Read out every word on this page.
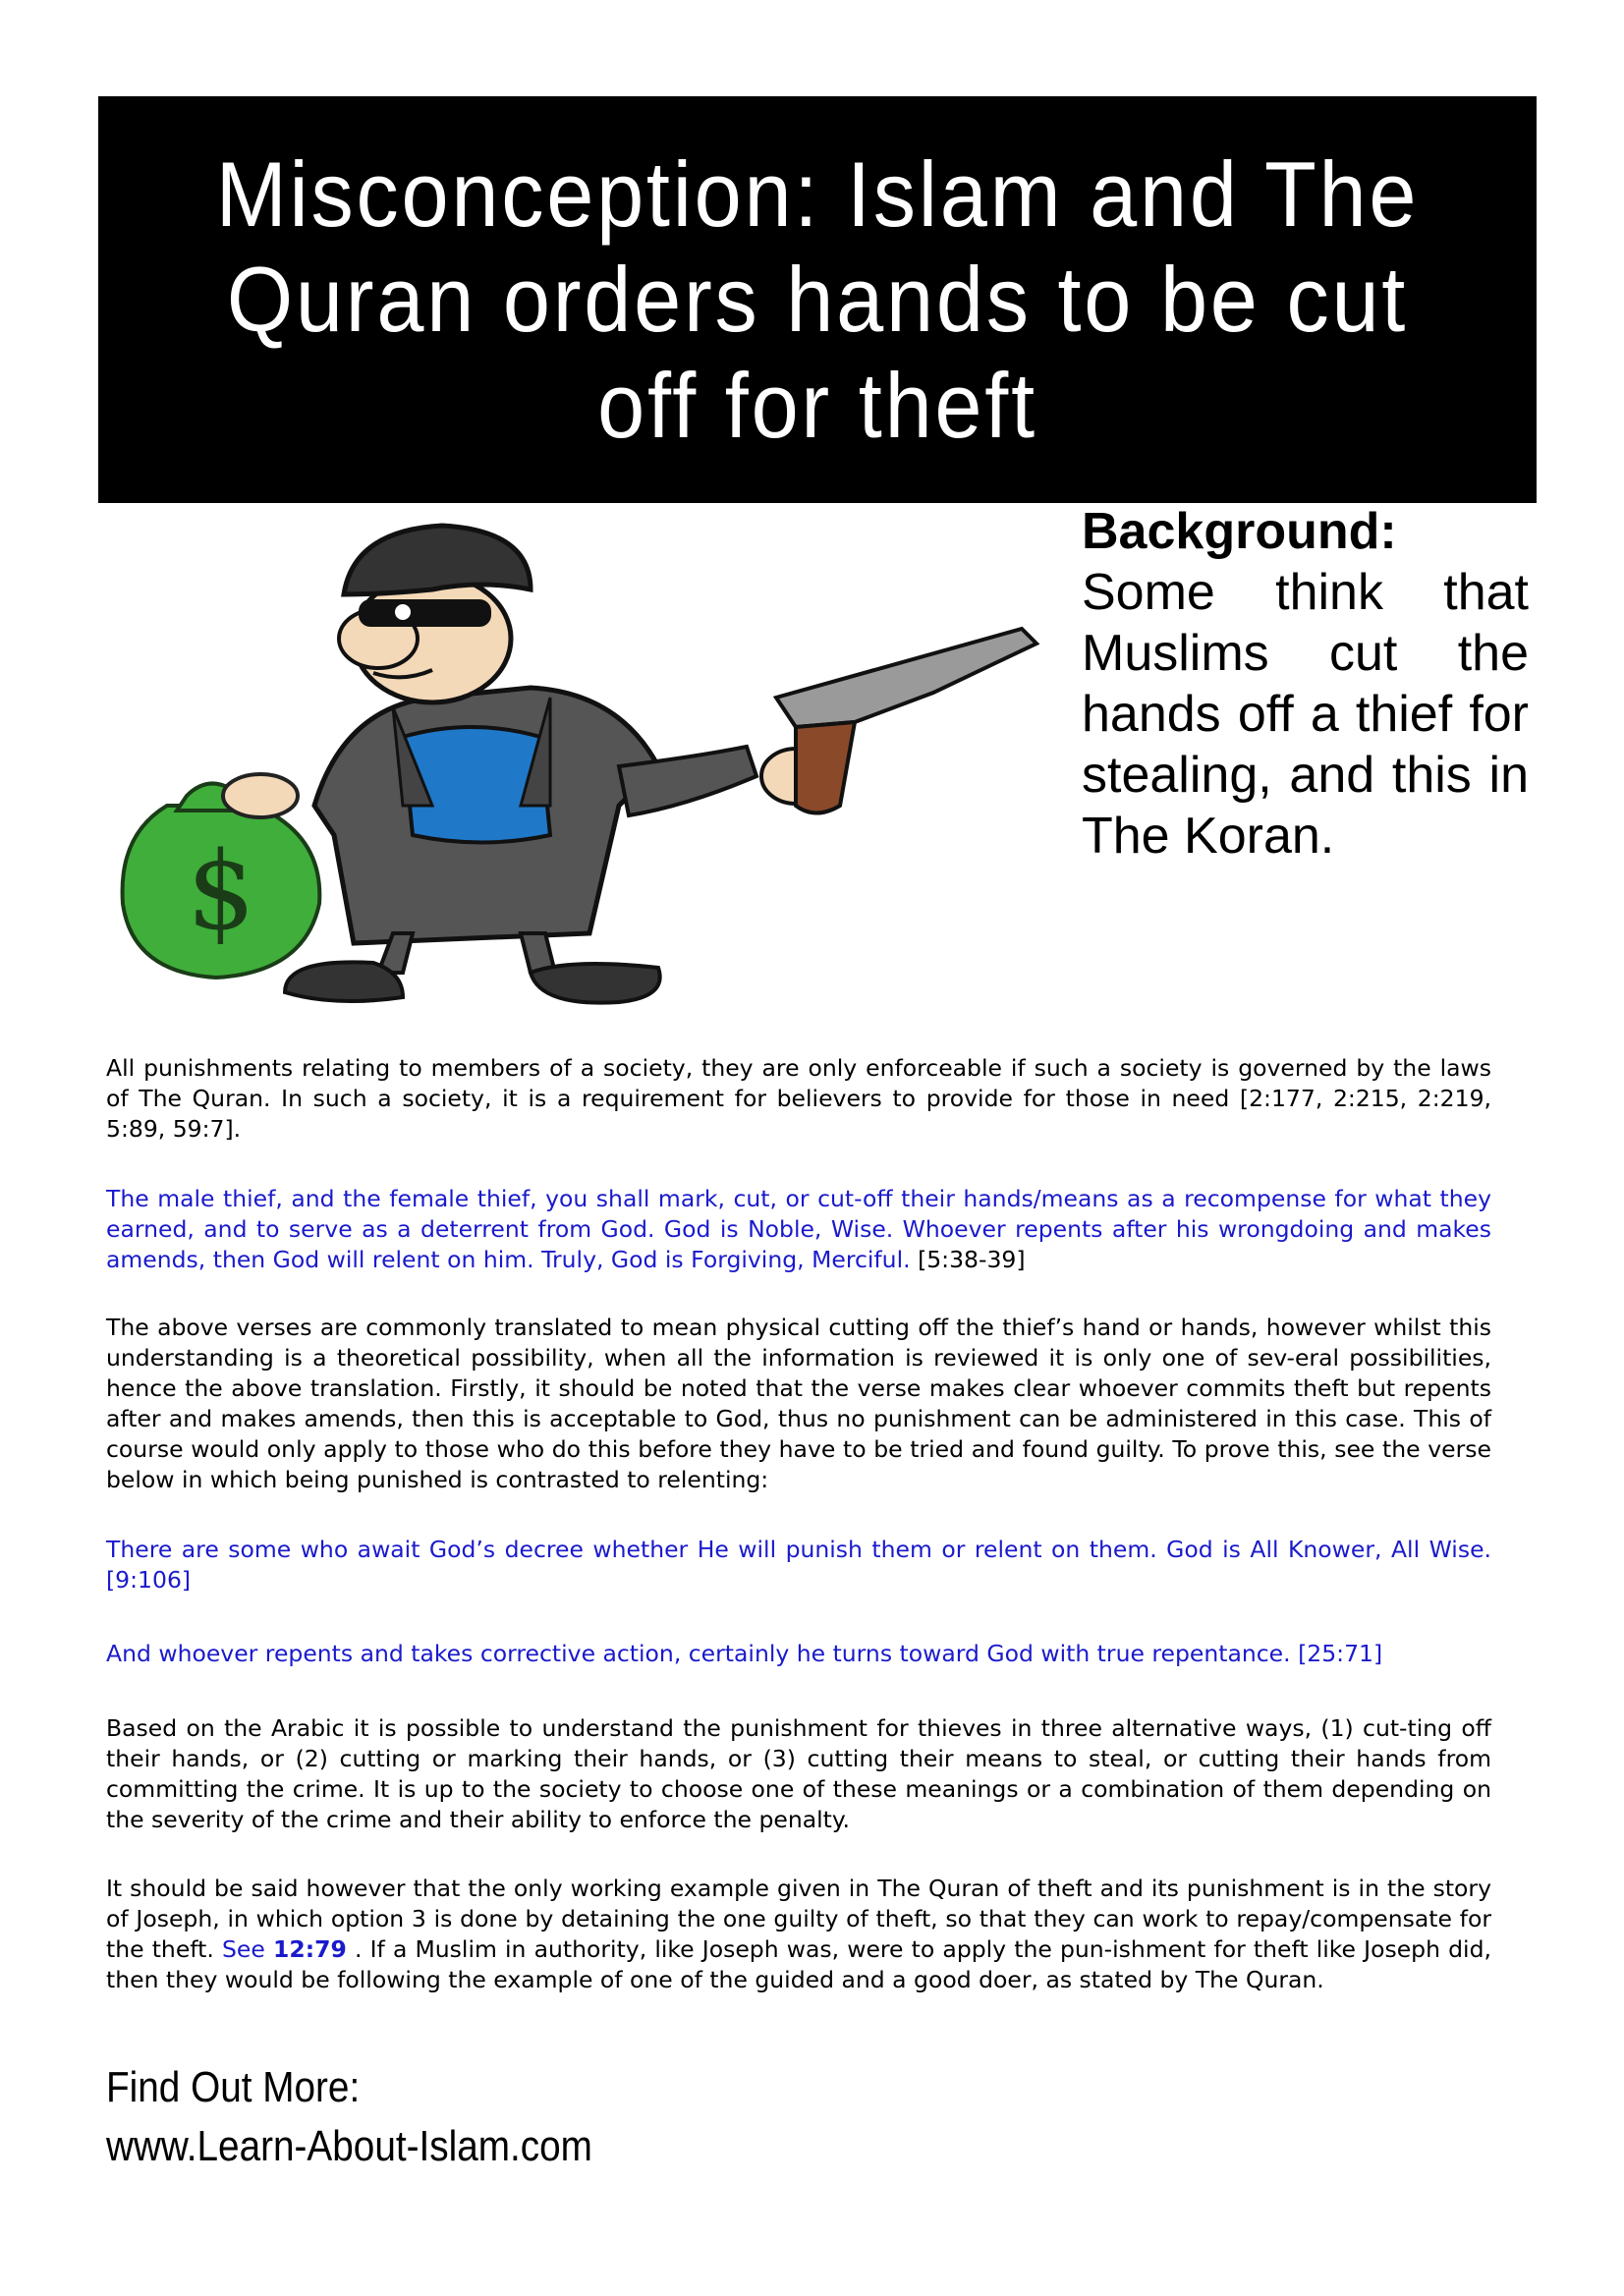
Misconception: Islam and The Quran orders hands to be cut off for theft
$
Background: Some think that Muslims cut the hands off a thief for stealing, and this in The Koran.
All punishments relating to members of a society, they are only enforceable if such a society is governed by the laws of The Quran. In such a society, it is a requirement for believers to provide for those in need [2:177, 2:215, 2:219, 5:89, 59:7].
The male thief, and the female thief, you shall mark, cut, or cut-off their hands/means as a recompense for what they earned, and to serve as a deterrent from God. God is Noble, Wise. Whoever repents after his wrongdoing and makes amends, then God will relent on him. Truly, God is Forgiving, Merciful. [5:38-39]
The above verses are commonly translated to mean physical cutting off the thief’s hand or hands, however whilst this understanding is a theoretical possibility, when all the information is reviewed it is only one of sev-eral possibilities, hence the above translation. Firstly, it should be noted that the verse makes clear whoever commits theft but repents after and makes amends, then this is acceptable to God, thus no punishment can be administered in this case. This of course would only apply to those who do this before they have to be tried and found guilty. To prove this, see the verse below in which being punished is contrasted to relenting:
There are some who await God’s decree whether He will punish them or relent on them. God is All Knower, All Wise. [9:106]
And whoever repents and takes corrective action, certainly he turns toward God with true repentance. [25:71]
Based on the Arabic it is possible to understand the punishment for thieves in three alternative ways, (1) cut-ting off their hands, or (2) cutting or marking their hands, or (3) cutting their means to steal, or cutting their hands from committing the crime. It is up to the society to choose one of these meanings or a combination of them depending on the severity of the crime and their ability to enforce the penalty.
It should be said however that the only working example given in The Quran of theft and its punishment is in the story of Joseph, in which option 3 is done by detaining the one guilty of theft, so that they can work to repay/compensate for the theft. See 12:79 . If a Muslim in authority, like Joseph was, were to apply the pun-ishment for theft like Joseph did, then they would be following the example of one of the guided and a good doer, as stated by The Quran.
Find Out More:
www.Learn-About-Islam.com
